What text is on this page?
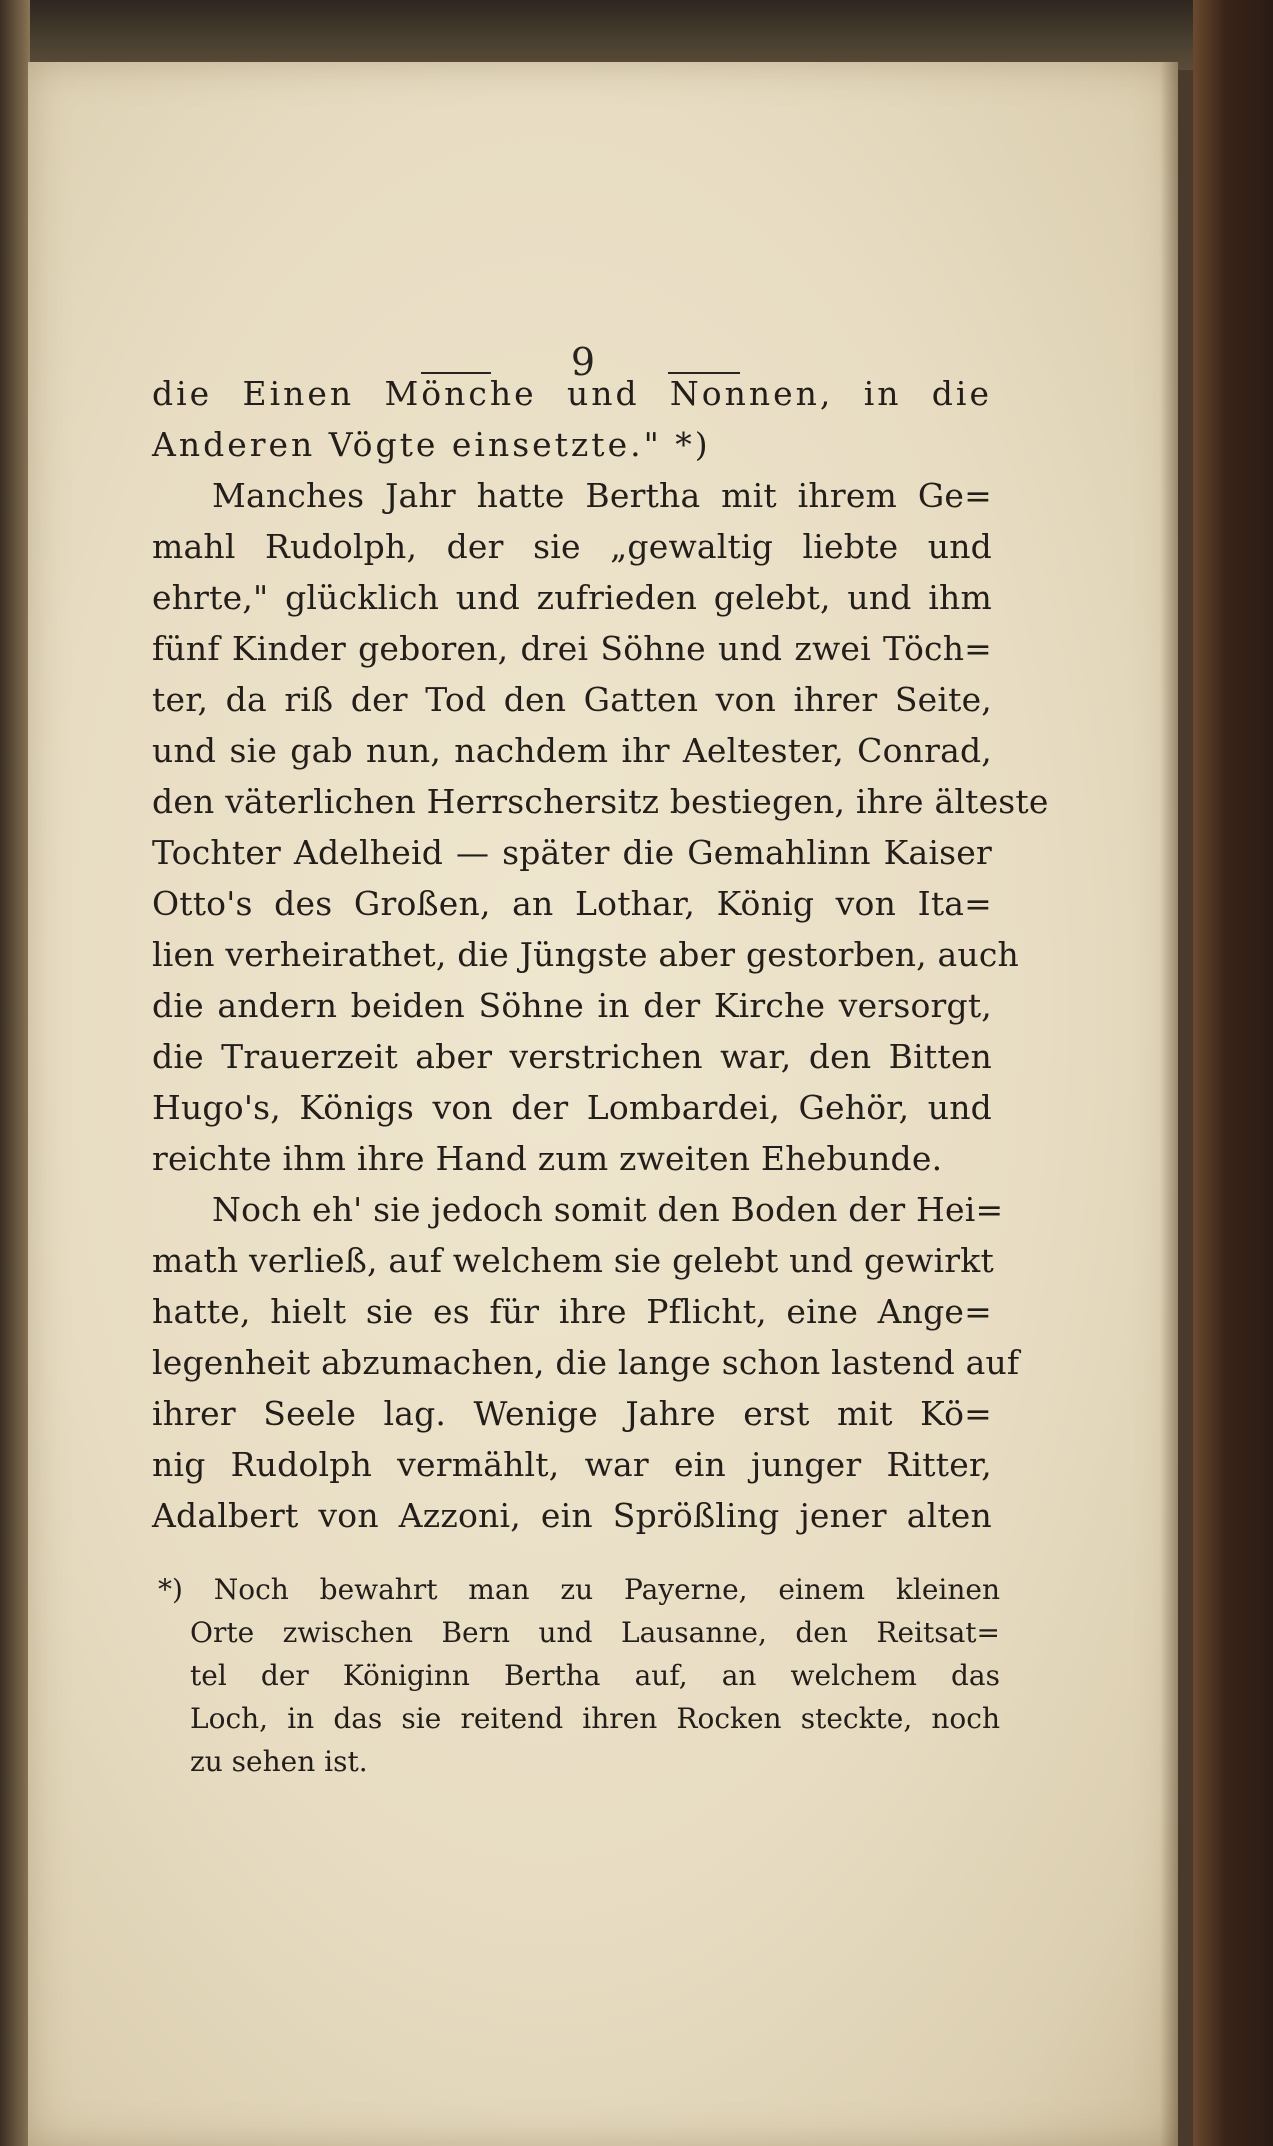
9
die Einen Mönche und Nonnen, in die
Anderen Vögte einsetzte." *)
Manches Jahr hatte Bertha mit ihrem Ge=
mahl Rudolph, der sie „gewaltig liebte und
ehrte," glücklich und zufrieden gelebt, und ihm
fünf Kinder geboren, drei Söhne und zwei Töch=
ter, da riß der Tod den Gatten von ihrer Seite,
und sie gab nun, nachdem ihr Aeltester, Conrad,
den väterlichen Herrschersitz bestiegen, ihre älteste
Tochter Adelheid — später die Gemahlinn Kaiser
Otto's des Großen, an Lothar, König von Ita=
lien verheirathet, die Jüngste aber gestorben, auch
die andern beiden Söhne in der Kirche versorgt,
die Trauerzeit aber verstrichen war, den Bitten
Hugo's, Königs von der Lombardei, Gehör, und
reichte ihm ihre Hand zum zweiten Ehebunde.
Noch eh' sie jedoch somit den Boden der Hei=
math verließ, auf welchem sie gelebt und gewirkt
hatte, hielt sie es für ihre Pflicht, eine Ange=
legenheit abzumachen, die lange schon lastend auf
ihrer Seele lag. Wenige Jahre erst mit Kö=
nig Rudolph vermählt, war ein junger Ritter,
Adalbert von Azzoni, ein Sprößling jener alten
*) Noch bewahrt man zu Payerne, einem kleinen
Orte zwischen Bern und Lausanne, den Reitsat=
tel der Königinn Bertha auf, an welchem das
Loch, in das sie reitend ihren Rocken steckte, noch
zu sehen ist.
